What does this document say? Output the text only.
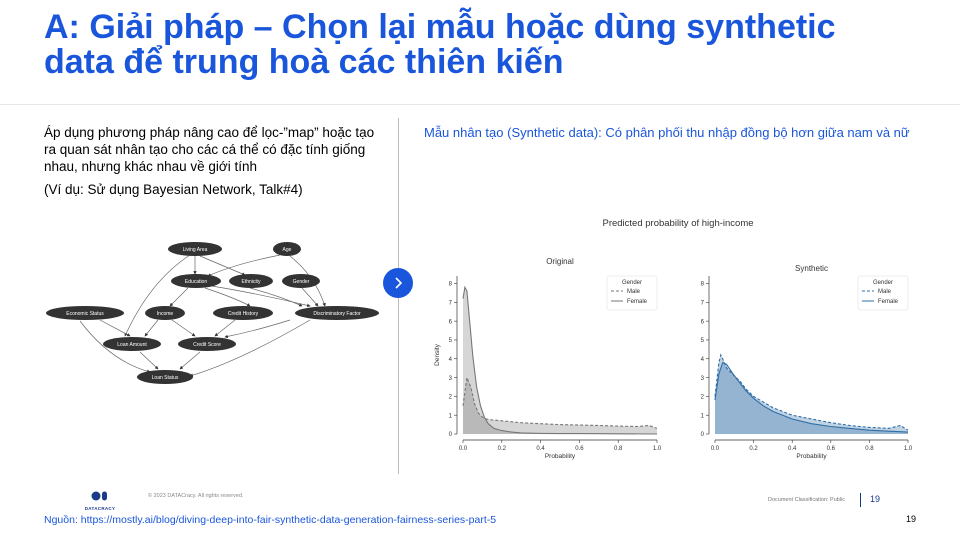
A: Giải pháp – Chọn lại mẫu hoặc dùng synthetic
data để trung hoà các thiên kiến

Áp dụng phương pháp nâng cao để lọc-”map” hoặc tạo ra quan sát nhân tạo cho các cá thể có đặc tính giống nhau, nhưng khác nhau về giới tính

(Ví dụ: Sử dụng Bayesian Network, Talk#4)

Living Area	Age
Education	Ethnicity	Gender
Economic Status	Income	Credit History	Discriminatory Factor
Loan Amount	Credit Score
Loan Status
Mẫu nhân tạo (Synthetic data): Có phân phối thu nhập đồng bộ hơn giữa nam và nữ
Predicted probability of high-income
Original
0
1
2
3
4
5
6
7
8
0.0	0.2	0.4	0.6	0.8	1.0
Probability
Density
Gender
Male
Female
Synthetic
0
1
2
3
4
5
6
7
8
0.0	0.2	0.4	0.6	0.8	1.0
Probability
Gender
Male
Female
DATACRACY
© 2023 DATACracy. All rights reserved.
Document Classification: Public	19
Nguồn: https://mostly.ai/blog/diving-deep-into-fair-synthetic-data-generation-fairness-series-part-5	19
